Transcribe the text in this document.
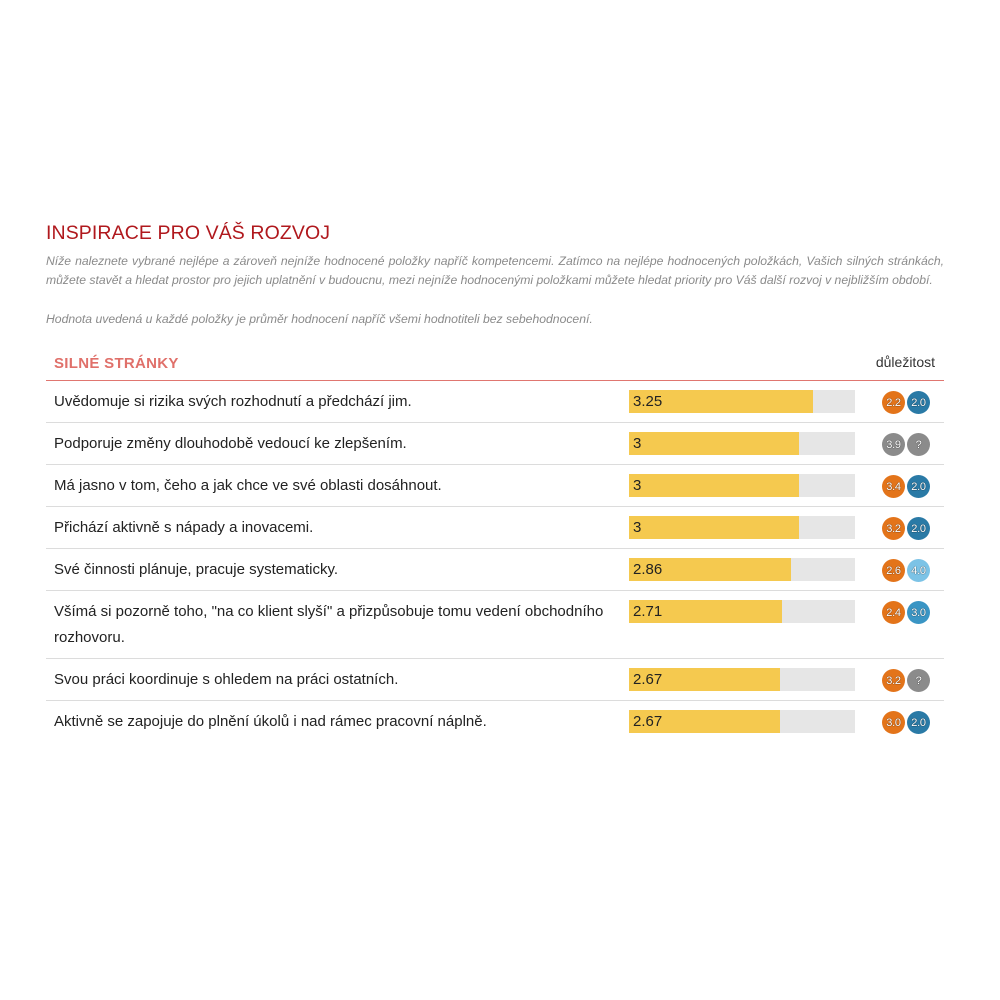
INSPIRACE PRO VÁŠ ROZVOJ

Níže naleznete vybrané nejlépe a zároveň nejníže hodnocené položky napříč kompetencemi. Zatímco na nejlépe hodnocených položkách, Vašich silných stránkách, můžete stavět a hledat prostor pro jejich uplatnění v budoucnu, mezi nejníže hodnocenými položkami můžete hledat priority pro Váš další rozvoj v nejbližším období.

Hodnota uvedená u každé položky je průměr hodnocení napříč všemi hodnotiteli bez sebehodnocení.

SILNÉ STRÁNKY	důležitost
Uvědomuje si rizika svých rozhodnutí a předchází jim.	3.25	2.2 2.0
Podporuje změny dlouhodobě vedoucí ke zlepšením.	3	3.9 ?
Má jasno v tom, čeho a jak chce ve své oblasti dosáhnout.	3	3.4 2.0
Přichází aktivně s nápady a inovacemi.	3	3.2 2.0
Své činnosti plánuje, pracuje systematicky.	2.86	2.6 4.0
Všímá si pozorně toho, "na co klient slyší" a přizpůsobuje tomu vedení obchodního rozhovoru.
2.71	2.4 3.0
Svou práci koordinuje s ohledem na práci ostatních.	2.67	3.2 ?
Aktivně se zapojuje do plnění úkolů i nad rámec pracovní náplně.	2.67	3.0 2.0
